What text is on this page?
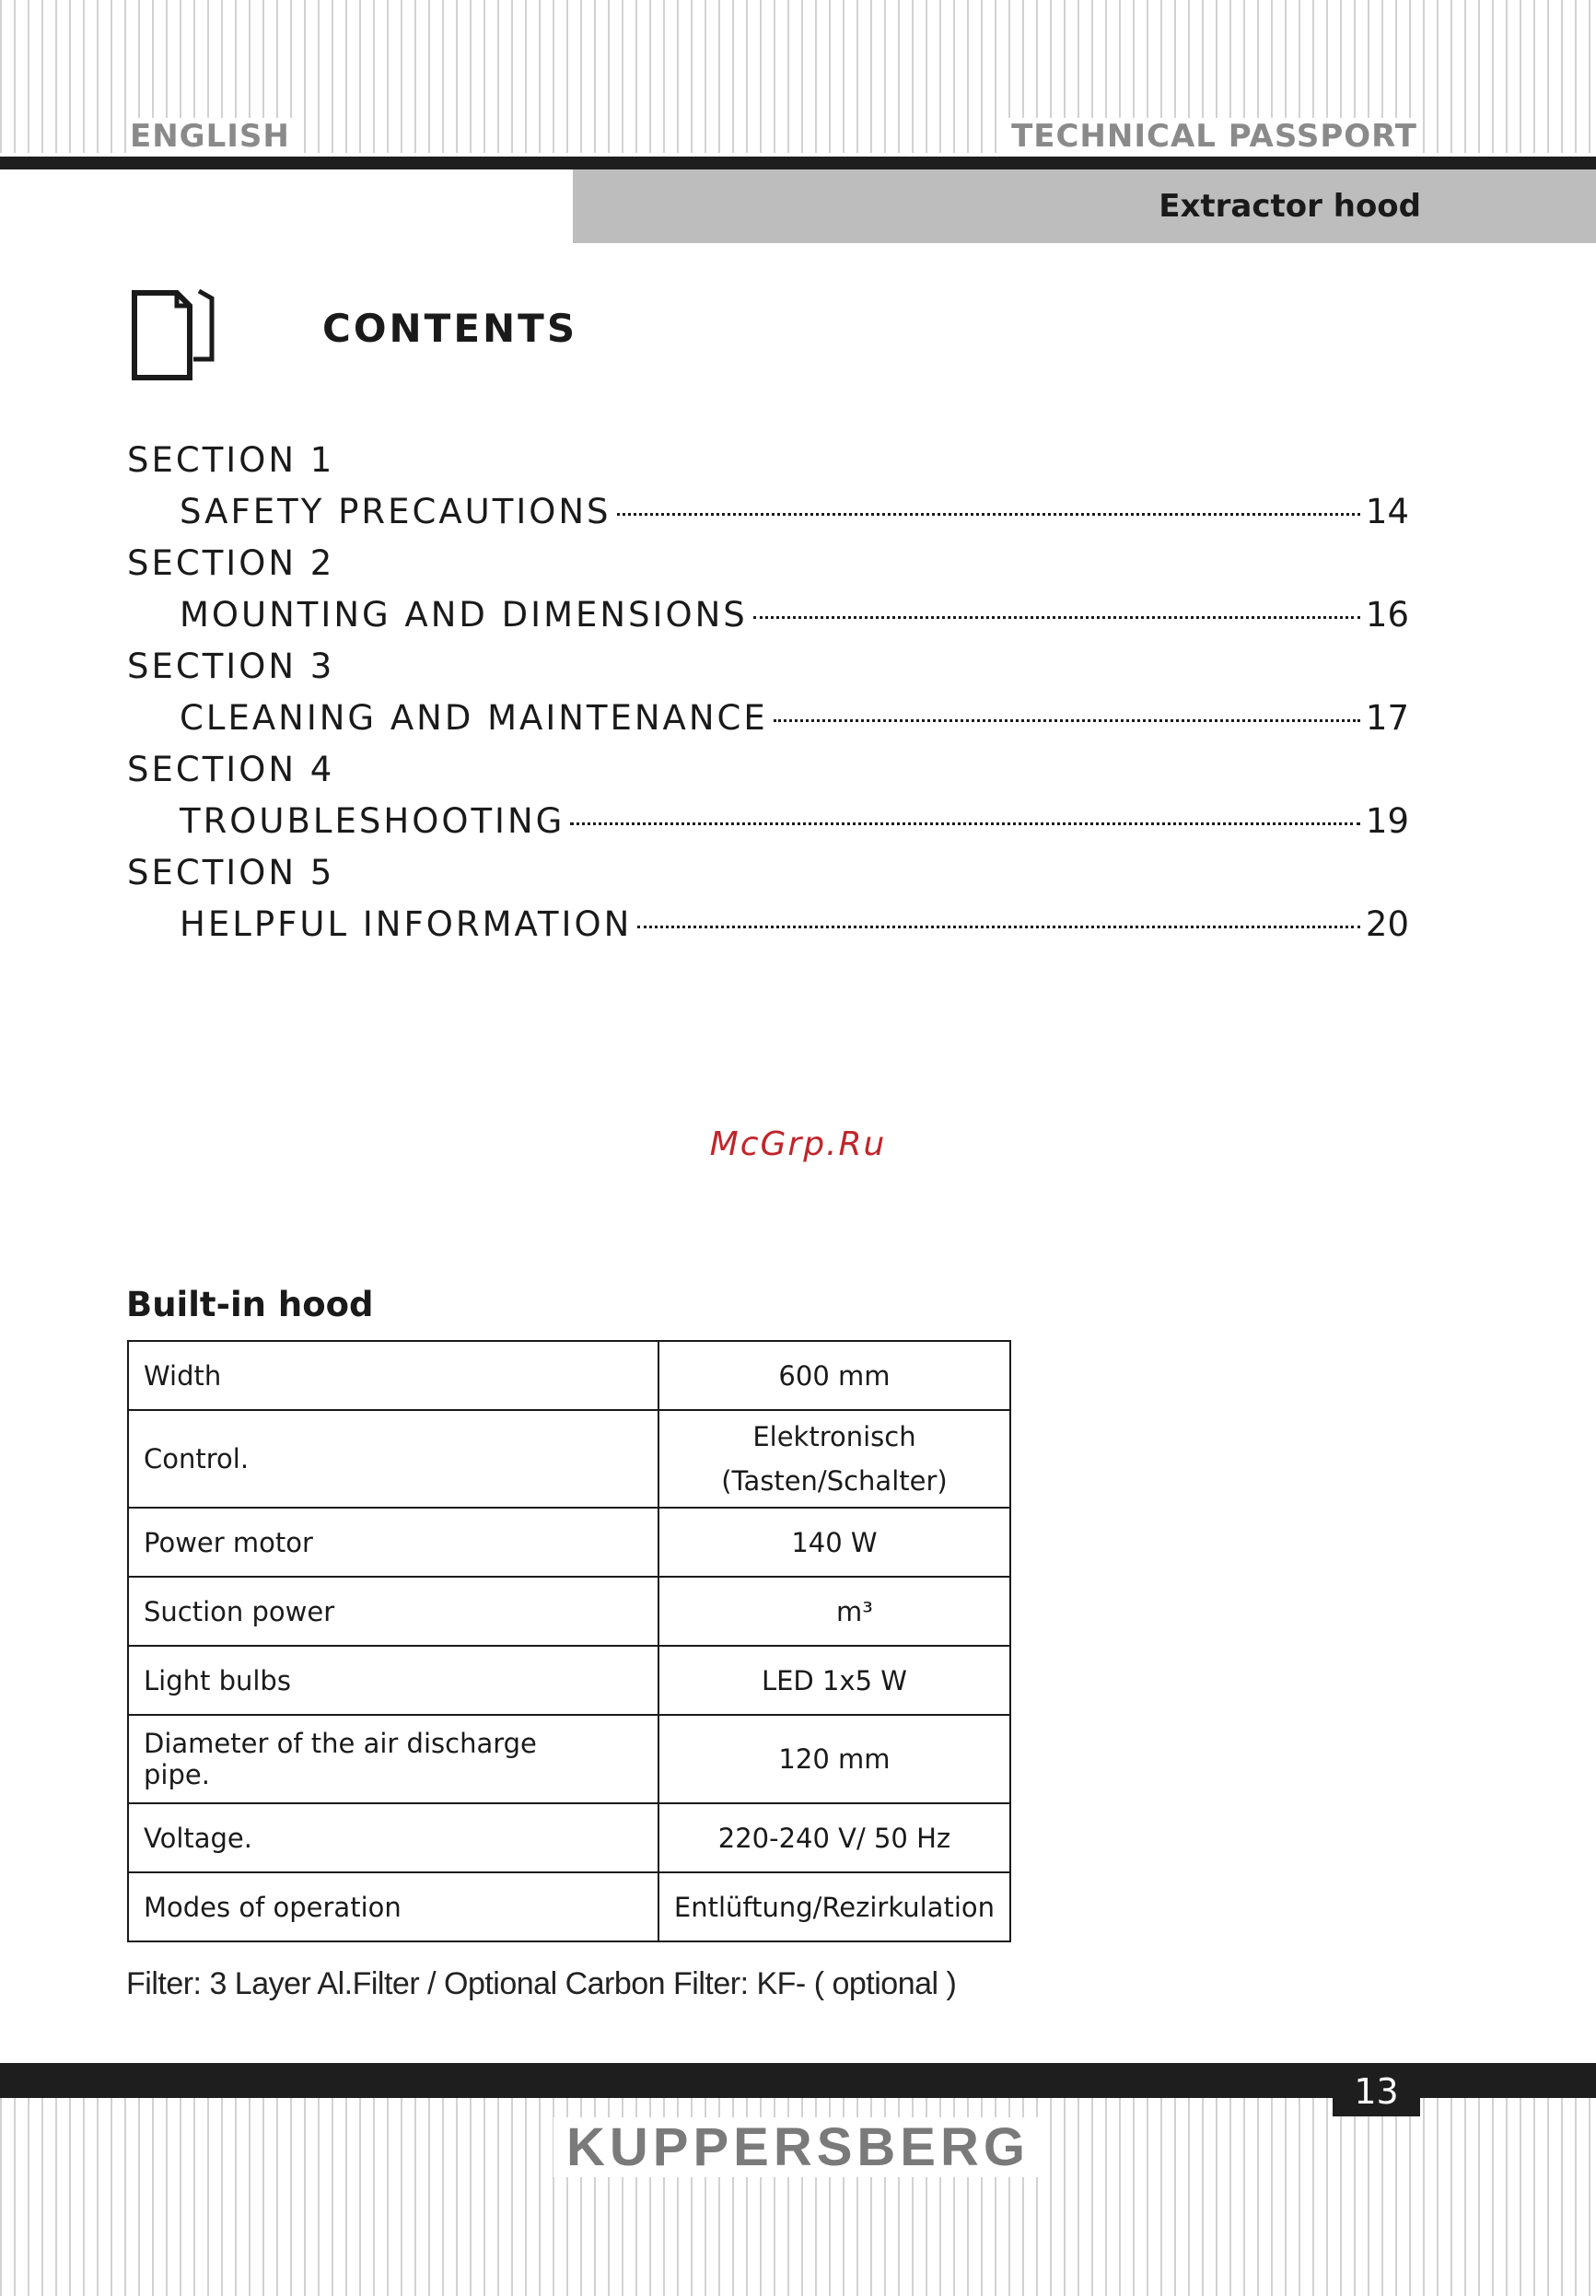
ENGLISH	TECHNICAL PASSPORT
Extractor hood
CONTENTS
SECTION 1
SAFETY PRECAUTIONS	14
SECTION 2
MOUNTING AND DIMENSIONS	16
SECTION 3
CLEANING AND MAINTENANCE	17
SECTION 4
TROUBLESHOOTING	19
SECTION 5
HELPFUL INFORMATION	20
McGrp.Ru
Built-in hood
Width	600 mm
Control.	Elektronisch (Tasten/Schalter)
Power motor	140 W
Suction power	m³
Light bulbs	LED 1x5 W
Diameter of the air discharge pipe.	120 mm
Voltage.	220-240 V/ 50 Hz
Modes of operation	Entlüftung/Rezirkulation
Filter: 3 Layer Al.Filter / Optional Carbon Filter: KF- ( optional )
13
KUPPERSBERG
